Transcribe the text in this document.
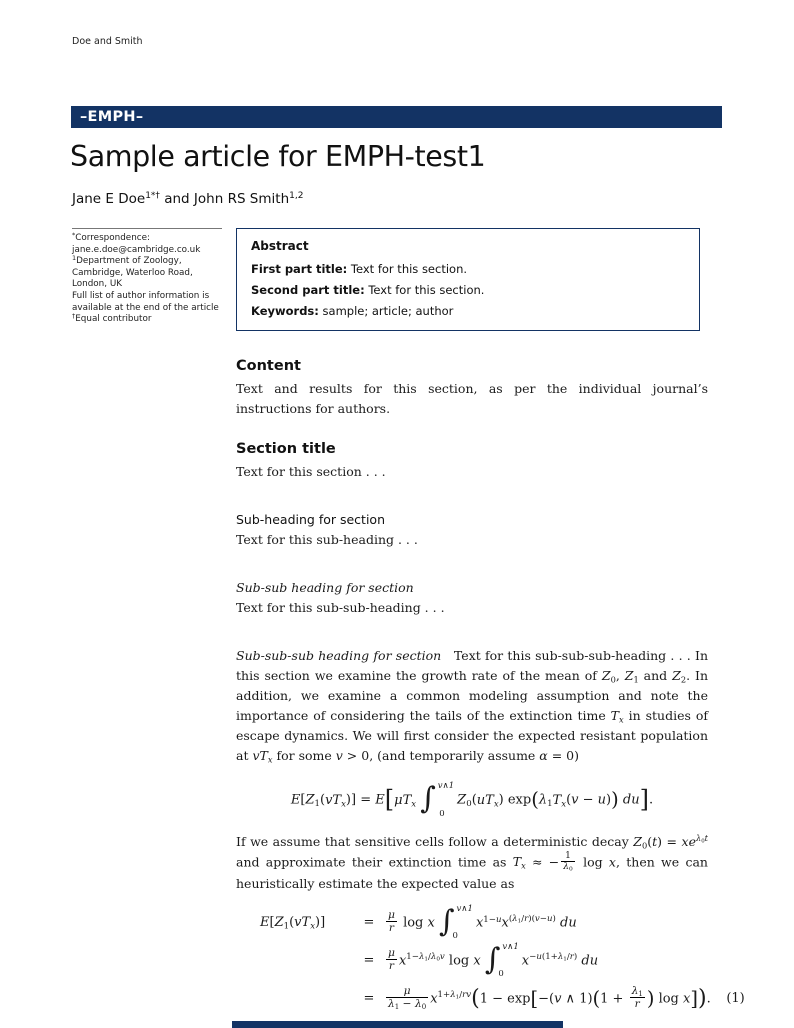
Doe and Smith
–EMPH–
Sample article for EMPH-test1
Jane E Doe$^{1*\dagger}$ and John RS Smith$^{1,2}$
*Correspondence:
jane.e.doe@cambridge.co.uk
$^1$Department of Zoology,
Cambridge, Waterloo Road,
London, UK
Full list of author information is
available at the end of the article
†Equal contributor
Abstract

First part title: Text for this section.

Second part title: Text for this section.

Keywords: sample; article; author

Content

Text and results for this section, as per the individual journal’s instructions for authors.

Section title

Text for this section . . .

Sub-heading for section

Text for this sub-heading . . .

Sub-sub heading for section

Text for this sub-sub-heading . . .

Sub-sub-sub heading for section   Text for this sub-sub-sub-heading . . . In this section we examine the growth rate of the mean of $Z_0$, $Z_1$ and $Z_2$. In addition, we examine a common modeling assumption and note the importance of considering the tails of the extinction time $T_x$ in studies of escape dynamics. We will first consider the expected resistant population at $vT_x$ for some v > 0, (and temporarily assume α = 0)

$E[Z_1(vT_x)] = E[\mu T_x$ ∫ v∧1
0
$Z_0(uT_x) \exp(\lambda_1T_x(v - u))$ du].

If we assume that sensitive cells follow a deterministic decay $Z_0(t) = xe^{\lambda_0t}$ and approximate their extinction time as $T_x$ ≈ − $\frac{1}{\lambda_0}$ log x, then we can heuristically estimate the expected value as

$E[Z_1(vT_x)]$	=	$\frac{\mu}{r}$ log x ∫ v∧1
0
$x^{1-u}x^{(\lambda_1/r)(v-u)}$ du
=	$\frac{\mu}{r} x^{1-\lambda_1/\lambda_0v}$ log x ∫ v∧1
0
$x^{-u(1+\lambda_1/r)}$ du
=	$\frac{\mu}{\lambda_1 - \lambda_0} x^{1+\lambda_1/rv}(1 - \exp[-(v$ ∧ $1)(1 + \frac{\lambda_1}{r}$ ) log x]).	(1)
